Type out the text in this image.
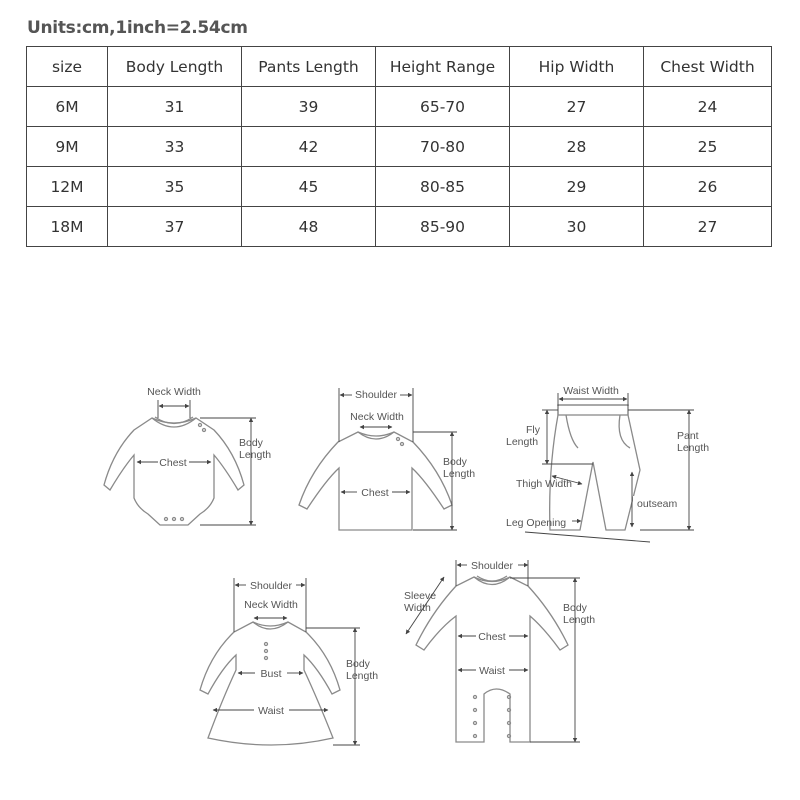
Units:cm,1inch=2.54cm
size	Body Length	Pants Length	Height Range	Hip Width	Chest Width
6M	31	39	65-70	27	24
9M	33	42	70-80	28	25
12M	35	45	80-85	29	26
18M	37	48	85-90	30	27
Neck Width
Body
Length
Chest
Shoulder
Neck Width
Body
Length
Chest
Waist Width
Fly
Length	Pant
Length
Thigh Width
outseam
Leg Opening
Shoulder
Neck Width
Body
Length
Bust
Waist
Shoulder
Sleeve
Width	Body
Length
Chest
Waist
